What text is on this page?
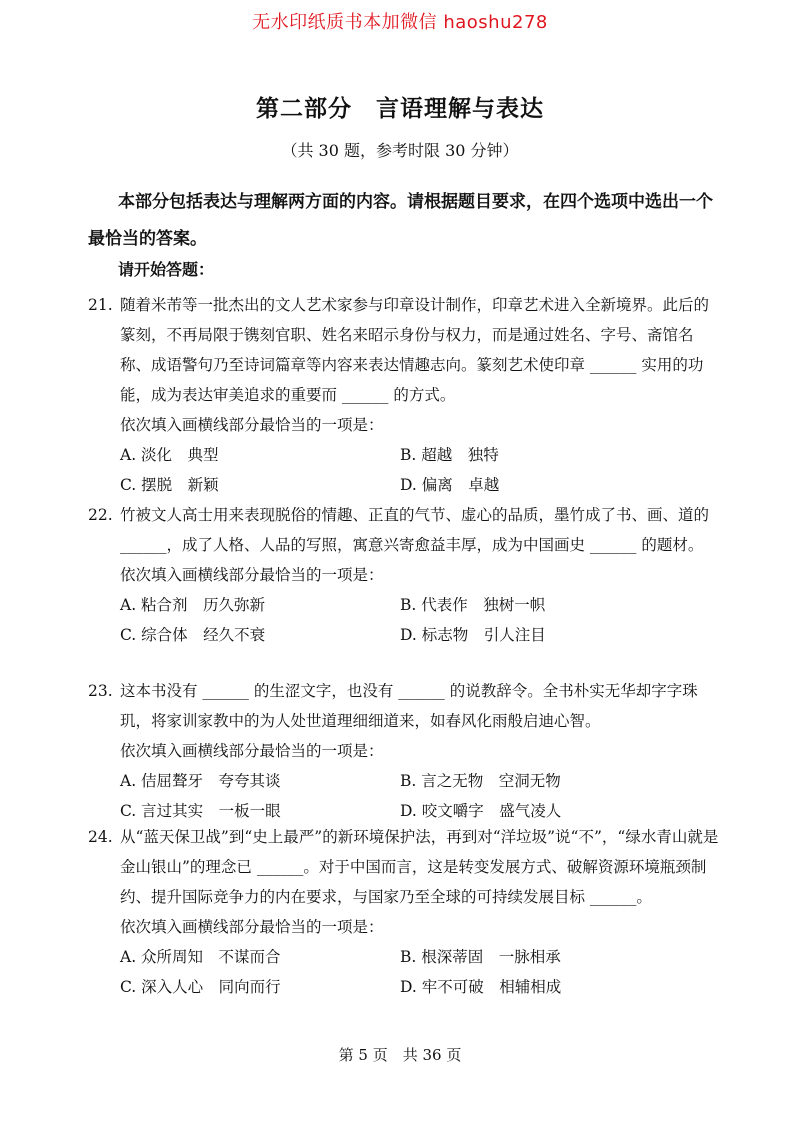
无水印纸质书本加微信 haoshu278
第二部分　言语理解与表达
（共 30 题，参考时限 30 分钟）
本部分包括表达与理解两方面的内容。请根据题目要求，在四个选项中选出一个最恰当的答案。
请开始答题：
21. 随着米芾等一批杰出的文人艺术家参与印章设计制作，印章艺术进入全新境界。此后的篆刻，不再局限于镌刻官职、姓名来昭示身份与权力，而是通过姓名、字号、斋馆名称、成语警句乃至诗词篇章等内容来表达情趣志向。篆刻艺术使印章 ______ 实用的功能，成为表达审美追求的重要而 ______ 的方式。
依次填入画横线部分最恰当的一项是：
A. 淡化　典型	B. 超越　独特
C. 摆脱　新颖	D. 偏离　卓越
22. 竹被文人高士用来表现脱俗的情趣、正直的气节、虚心的品质，墨竹成了书、画、道的 ______，成了人格、人品的写照，寓意兴寄愈益丰厚，成为中国画史 ______ 的题材。
依次填入画横线部分最恰当的一项是：
A. 粘合剂　历久弥新	B. 代表作　独树一帜
C. 综合体　经久不衰	D. 标志物　引人注目
23. 这本书没有 ______ 的生涩文字，也没有 ______ 的说教辞令。全书朴实无华却字字珠玑，将家训家教中的为人处世道理细细道来，如春风化雨般启迪心智。
依次填入画横线部分最恰当的一项是：
A. 佶屈聱牙　夸夸其谈	B. 言之无物　空洞无物
C. 言过其实　一板一眼	D. 咬文嚼字　盛气凌人
24. 从“蓝天保卫战”到“史上最严”的新环境保护法，再到对“洋垃圾”说“不”，“绿水青山就是金山银山”的理念已 ______。对于中国而言，这是转变发展方式、破解资源环境瓶颈制约、提升国际竞争力的内在要求，与国家乃至全球的可持续发展目标 ______。
依次填入画横线部分最恰当的一项是：
A. 众所周知　不谋而合	B. 根深蒂固　一脉相承
C. 深入人心　同向而行	D. 牢不可破　相辅相成
第 5 页　共 36 页
